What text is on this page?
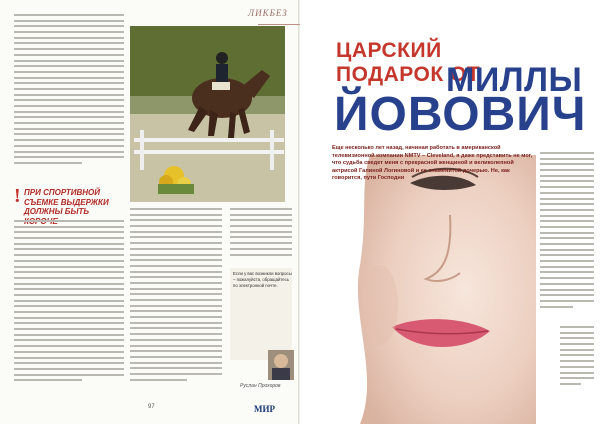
! ПРИ СПОРТИВНОЙ СЪЕМКЕ ВЫДЕРЖКИ ДОЛЖНЫ БЫТЬ
Если у вас возникли вопросы – пожалуйста, обращайтесь по электронной почте.
Руслан Прохоров
97	МИР
ЛИКБЕЗ
ЦАРСКИЙ
ПОДАРОК ОТ
МИЛЛЫ
ЙОВОВИЧ
Еще несколько лет назад, начиная работать в американской телевизионной компании NMTV – Cleveland, я даже представить не мог, что судьба сведет меня с прекрасной женщиной и великолепной актрисой Галиной Логиновой и ее знаменитой дочерью. Не, как говорится, пути Господни
